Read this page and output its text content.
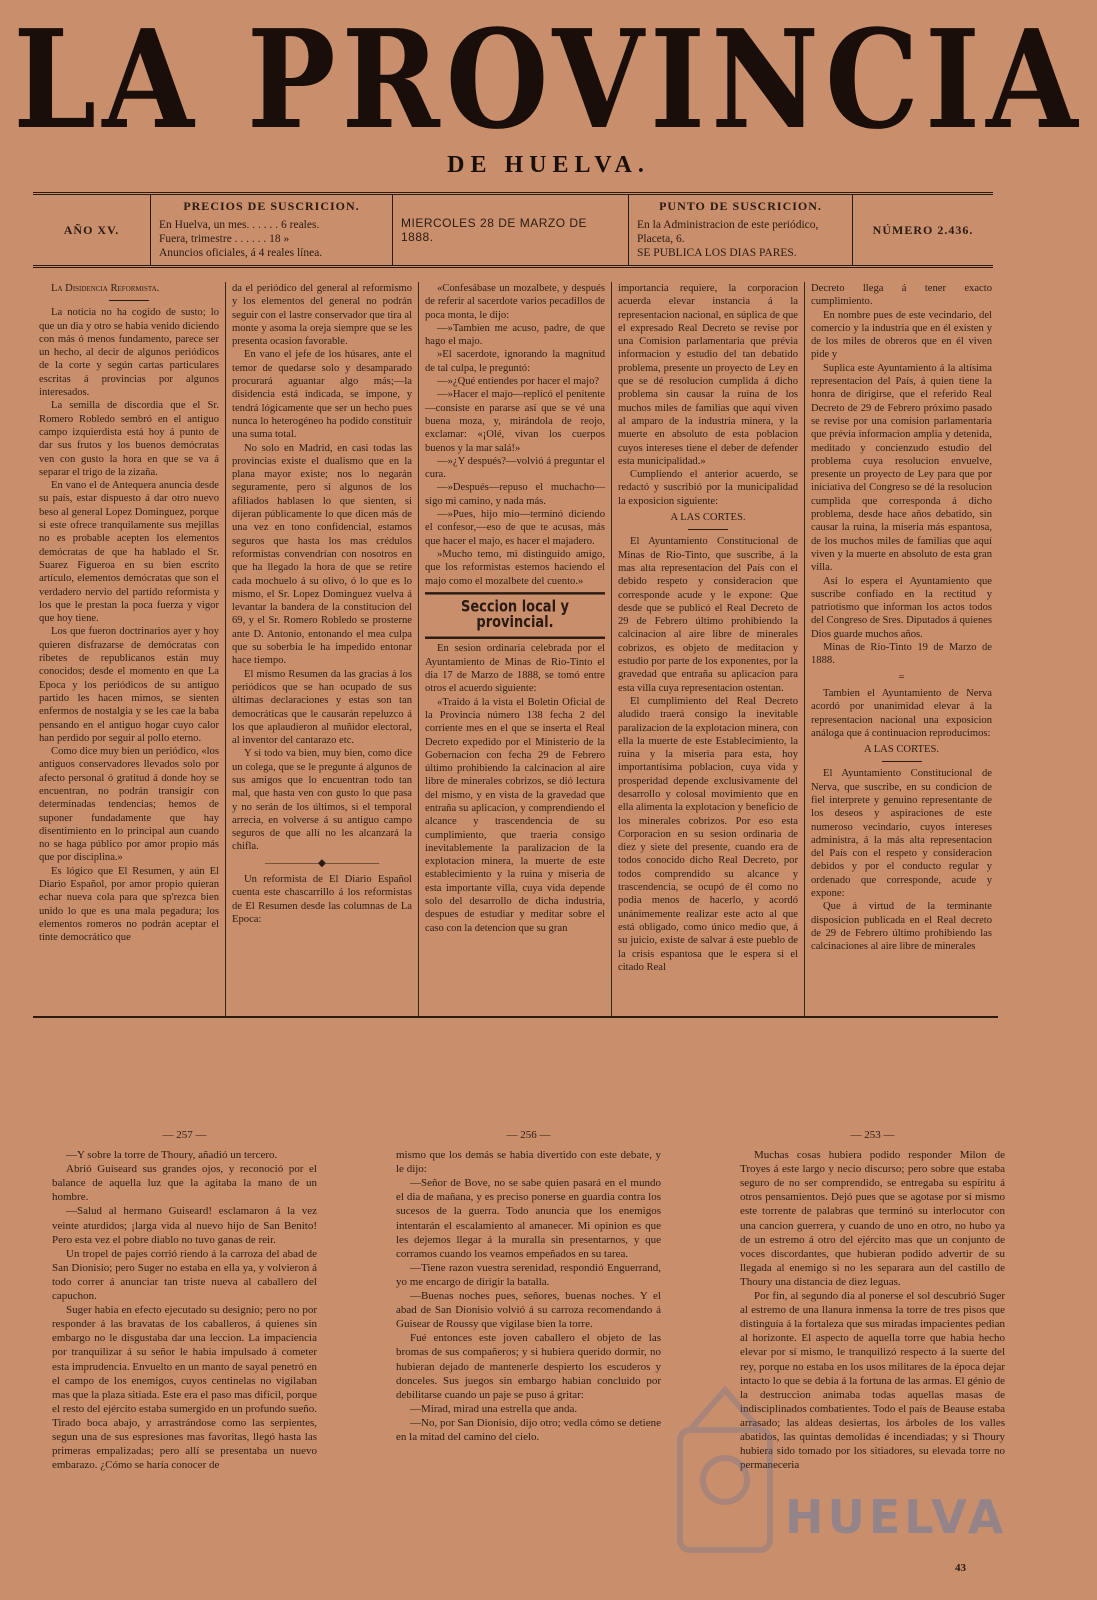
LA PROVINCIA
DE HUELVA.
AÑO XV.
PRECIOS DE SUSCRICION.
En Huelva, un mes. . . . . . 6 reales.
Fuera, trimestre . . . . . . 18 »
Anuncios oficiales, á 4 reales línea.
MIERCOLES 28 DE MARZO DE 1888.
PUNTO DE SUSCRICION.
En la Administracion de este periódico,
Placeta, 6.
SE PUBLICA LOS DIAS PARES.
NÚMERO 2.436.

La Disidencia Reformista.

La noticia no ha cogido de susto; lo que un dia y otro se habia venido diciendo con más ó menos fundamento, parece ser un hecho, al decir de algunos periódicos de la corte y según cartas particulares escritas á provincias por algunos interesados.

La semilla de discordia que el Sr. Romero Robledo sembró en el antiguo campo izquierdista está hoy á punto de dar sus frutos y los buenos demócratas ven con gusto la hora en que se va á separar el trigo de la zizaña.

En vano el de Antequera anuncia desde su país, estar dispuesto á dar otro nuevo beso al general Lopez Dominguez, porque si este ofrece tranquilamente sus mejillas no es probable acepten los elementos demócratas de que ha hablado el Sr. Suarez Figueroa en su bien escrito artículo, elementos demócratas que son el verdadero nervio del partido reformista y los que le prestan la poca fuerza y vigor que hoy tiene.

Los que fueron doctrinarios ayer y hoy quieren disfrazarse de demócratas con ribetes de republicanos están muy conocidos; desde el momento en que La Epoca y los periódicos de su antiguo partido les hacen mimos, se sienten enfermos de nostalgia y se les cae la baba pensando en el antiguo hogar cuyo calor han perdido por seguir al pollo eterno.

Como dice muy bien un periódico, «los antiguos conservadores llevados solo por afecto personal ó gratitud á donde hoy se encuentran, no podrán transigir con determinadas tendencias; hemos de suponer fundadamente que hay disentimiento en lo principal aun cuando no se haga público por amor propio más que por disciplina.»

Es lógico que El Resumen, y aún El Diario Español, por amor propio quieran echar nueva cola para que sp'rezca bien unido lo que es una mala pegadura; los elementos romeros no podrán aceptar el tinte democrático que

da el periódico del general al reformismo y los elementos del general no podrán seguir con el lastre conservador que tira al monte y asoma la oreja siempre que se les presenta ocasion favorable.

En vano el jefe de los húsares, ante el temor de quedarse solo y desamparado procurará aguantar algo más;—la disidencia está indicada, se impone, y tendrá lógicamente que ser un hecho pues nunca lo heterogéneo ha podido constituir una suma total.

No solo en Madrid, en casi todas las provincias existe el dualismo que en la plana mayor existe; nos lo negarán seguramente, pero si algunos de los afiliados hablasen lo que sienten, si dijeran públicamente lo que dicen más de una vez en tono confidencial, estamos seguros que hasta los mas crédulos reformistas convendrían con nosotros en que ha llegado la hora de que se retire cada mochuelo á su olivo, ó lo que es lo mismo, el Sr. Lopez Dominguez vuelva á levantar la bandera de la constitucion del 69, y el Sr. Romero Robledo se prosterne ante D. Antonio, entonando el mea culpa que su soberbia le ha impedido entonar hace tiempo.

El mismo Resumen da las gracias á los periódicos que se han ocupado de sus últimas declaraciones y estas son tan democráticas que le causarán repeluzco á los que aplaudieron al muñidor electoral, al inventor del cantarazo etc.

Y si todo va bien, muy bien, como dice un colega, que se le pregunte á algunos de sus amigos que lo encuentran todo tan mal, que hasta ven con gusto lo que pasa y no serán de los últimos, si el temporal arrecia, en volverse á su antiguo campo seguros de que allí no les alcanzará la chifla.

—————◆—————

Un reformista de El Diario Español cuenta este chascarrillo á los reformistas de El Resumen desde las columnas de La Epoca:

«Confesábase un mozalbete, y después de referir al sacerdote varios pecadillos de poca monta, le dijo:

—»Tambien me acuso, padre, de que hago el majo.

»El sacerdote, ignorando la magnitud de tal culpa, le preguntó:

—»¿Qué entiendes por hacer el majo?

—»Hacer el majo—replicó el penitente—consiste en pararse así que se vé una buena moza, y, mirándola de reojo, exclamar: «¡Olé, vivan los cuerpos buenos y la mar salá!»

—»¿Y después?—volvió á preguntar el cura.

—»Después—repuso el muchacho—sigo mi camino, y nada más.

—»Pues, hijo mio—terminó diciendo el confesor,—eso de que te acusas, más que hacer el majo, es hacer el majadero.

»Mucho temo, mi distinguido amigo, que los reformistas estemos haciendo el majo como el mozalbete del cuento.»

Seccion local y provincial.

En sesion ordinaria celebrada por el Ayuntamiento de Minas de Rio-Tinto el dia 17 de Marzo de 1888, se tomó entre otros el acuerdo siguiente:

«Traido á la vista el Boletin Oficial de la Provincia número 138 fecha 2 del corriente mes en el que se inserta el Real Decreto expedido por el Ministerio de la Gobernacion con fecha 29 de Febrero último prohibiendo la calcinacion al aire libre de minerales cobrizos, se dió lectura del mismo, y en vista de la gravedad que entraña su aplicacion, y comprendiendo el alcance y trascendencia de su cumplimiento, que traeria consigo inevitablemente la paralizacion de la explotacion minera, la muerte de este establecimiento y la ruina y miseria de esta importante villa, cuya vida depende solo del desarrollo de dicha industria, despues de estudiar y meditar sobre el caso con la detencion que su gran

importancia requiere, la corporacion acuerda elevar instancia á la representacion nacional, en súplica de que el expresado Real Decreto se revise por una Comision parlamentaria que prévia informacion y estudio del tan debatido problema, presente un proyecto de Ley en que se dé resolucion cumplida á dicho problema sin causar la ruina de los muchos miles de familias que aquí viven al amparo de la industria minera, y la muerte en absoluto de esta poblacion cuyos intereses tiene el deber de defender esta municipalidad.»

Cumpliendo el anterior acuerdo, se redactó y suscribió por la municipalidad la exposicion siguiente:

A LAS CORTES.

El Ayuntamiento Constitucional de Minas de Rio-Tinto, que suscribe, á la mas alta representacion del País con el debido respeto y consideracion que corresponde acude y le expone: Que desde que se publicó el Real Decreto de 29 de Febrero último prohibiendo la calcinacion al aire libre de minerales cobrizos, es objeto de meditacion y estudio por parte de los exponentes, por la gravedad que entraña su aplicacion para esta villa cuya representacion ostentan.

El cumplimiento del Real Decreto aludido traerá consigo la inevitable paralizacion de la explotacion minera, con ella la muerte de este Establecimiento, la ruina y la miseria para esta, hoy importantísima poblacion, cuya vida y prosperidad depende exclusivamente del desarrollo y colosal movimiento que en ella alimenta la explotacion y beneficio de los minerales cobrizos. Por eso esta Corporacion en su sesion ordinaria de diez y siete del presente, cuando era de todos conocido dicho Real Decreto, por todos comprendido su alcance y trascendencia, se ocupó de él como no podia menos de hacerlo, y acordó unánimemente realizar este acto al que está obligado, como único medio que, á su juicio, existe de salvar á este pueblo de la crisis espantosa que le espera si el citado Real

Decreto llega á tener exacto cumplimiento.

En nombre pues de este vecindario, del comercio y la industria que en él existen y de los miles de obreros que en él viven pide y

Suplica este Ayuntamiento á la altísima representacion del País, á quien tiene la honra de dirigirse, que el referido Real Decreto de 29 de Febrero próximo pasado se revise por una comision parlamentaria que prévia informacion amplia y detenida, meditado y concienzudo estudio del problema cuya resolucion envuelve, presente un proyecto de Ley para que por iniciativa del Congreso se dé la resolucion cumplida que corresponda á dicho problema, desde hace años debatido, sin causar la ruina, la miseria más espantosa, de los muchos miles de familias que aquí viven y la muerte en absoluto de esta gran villa.

Así lo espera el Ayuntamiento que suscribe confiado en la rectitud y patriotismo que informan los actos todos del Congreso de Sres. Diputados á quienes Dios guarde muchos años.

Minas de Rio-Tinto 19 de Marzo de 1888.

=

Tambien el Ayuntamiento de Nerva acordó por unanimidad elevar á la representacion nacional una exposicion análoga que á continuacion reproducimos:

A LAS CORTES.

El Ayuntamiento Constitucional de Nerva, que suscribe, en su condicion de fiel interprete y genuino representante de los deseos y aspiraciones de este numeroso vecindario, cuyos intereses administra, á la más alta representacion del País con el respeto y consideracion debidos y por el conducto regular y ordenado que corresponde, acude y expone:

Que á virtud de la terminante disposicion publicada en el Real decreto de 29 de Febrero último prohibiendo las calcinaciones al aire libre de minerales

— 257 —

—Y sobre la torre de Thoury, añadió un tercero.

Abrió Guiseard sus grandes ojos, y reconoció por el balance de aquella luz que la agitaba la mano de un hombre.

—Salud al hermano Guiseard! esclamaron á la vez veinte aturdidos; ¡larga vida al nuevo hijo de San Benito! Pero esta vez el pobre diablo no tuvo ganas de reir.

Un tropel de pajes corrió riendo á la carroza del abad de San Dionisio; pero Suger no estaba en ella ya, y volvieron á todo correr á anunciar tan triste nueva al caballero del capuchon.

Suger habia en efecto ejecutado su designio; pero no por responder á las bravatas de los caballeros, á quienes sin embargo no le disgustaba dar una leccion. La impaciencia por tranquilizar á su señor le habia impulsado á cometer esta imprudencia. Envuelto en un manto de sayal penetró en el campo de los enemigos, cuyos centinelas no vigilaban mas que la plaza sitiada. Este era el paso mas difícil, porque el resto del ejército estaba sumergido en un profundo sueño. Tirado boca abajo, y arrastrándose como las serpientes, segun una de sus espresiones mas favoritas, llegó hasta las primeras empalizadas; pero allí se presentaba un nuevo embarazo. ¿Cómo se haría conocer de

— 256 —

mismo que los demás se habia divertido con este debate, y le dijo:

—Señor de Bove, no se sabe quien pasará en el mundo el dia de mañana, y es preciso ponerse en guardia contra los sucesos de la guerra. Todo anuncia que los enemigos intentarán el escalamiento al amanecer. Mi opinion es que les dejemos llegar á la muralla sin presentarnos, y que corramos cuando los veamos empeñados en su tarea.

—Tiene razon vuestra serenidad, respondió Enguerrand, yo me encargo de dirigir la batalla.

—Buenas noches pues, señores, buenas noches. Y el abad de San Dionisio volvió á su carroza recomendando á Guisear de Roussy que vigilase bien la torre.

Fué entonces este joven caballero el objeto de las bromas de sus compañeros; y si hubiera querido dormir, no hubieran dejado de mantenerle despierto los escuderos y donceles. Sus juegos sin embargo habian concluido por debilitarse cuando un paje se puso á gritar:

—Mirad, mirad una estrella que anda.

—No, por San Dionisio, dijo otro; vedla cómo se detiene en la mitad del camino del cielo.

— 253 —

Muchas cosas hubiera podido responder Milon de Troyes á este largo y necio discurso; pero sobre que estaba seguro de no ser comprendido, se entregaba su espíritu á otros pensamientos. Dejó pues que se agotase por sí mismo este torrente de palabras que terminó su interlocutor con una cancion guerrera, y cuando de uno en otro, no hubo ya de un estremo á otro del ejército mas que un conjunto de voces discordantes, que hubieran podido advertir de su llegada al enemigo si no les separara aun del castillo de Thoury una distancia de diez leguas.

Por fin, al segundo dia al ponerse el sol descubrió Suger al estremo de una llanura inmensa la torre de tres pisos que distinguía á la fortaleza que sus miradas impacientes pedian al horizonte. El aspecto de aquella torre que habia hecho elevar por sí mismo, le tranquilizó respecto á la suerte del rey, porque no estaba en los usos militares de la época dejar intacto lo que se debia á la fortuna de las armas. El génio de la destruccion animaba todas aquellas masas de indisciplinados combatientes. Todo el país de Beause estaba arrasado; las aldeas desiertas, los árboles de los valles abatidos, las quintas demolidas é incendiadas; y si Thoury hubiera sido tomado por los sitiadores, su elevada torre no permaneceria

HUELVA
43
